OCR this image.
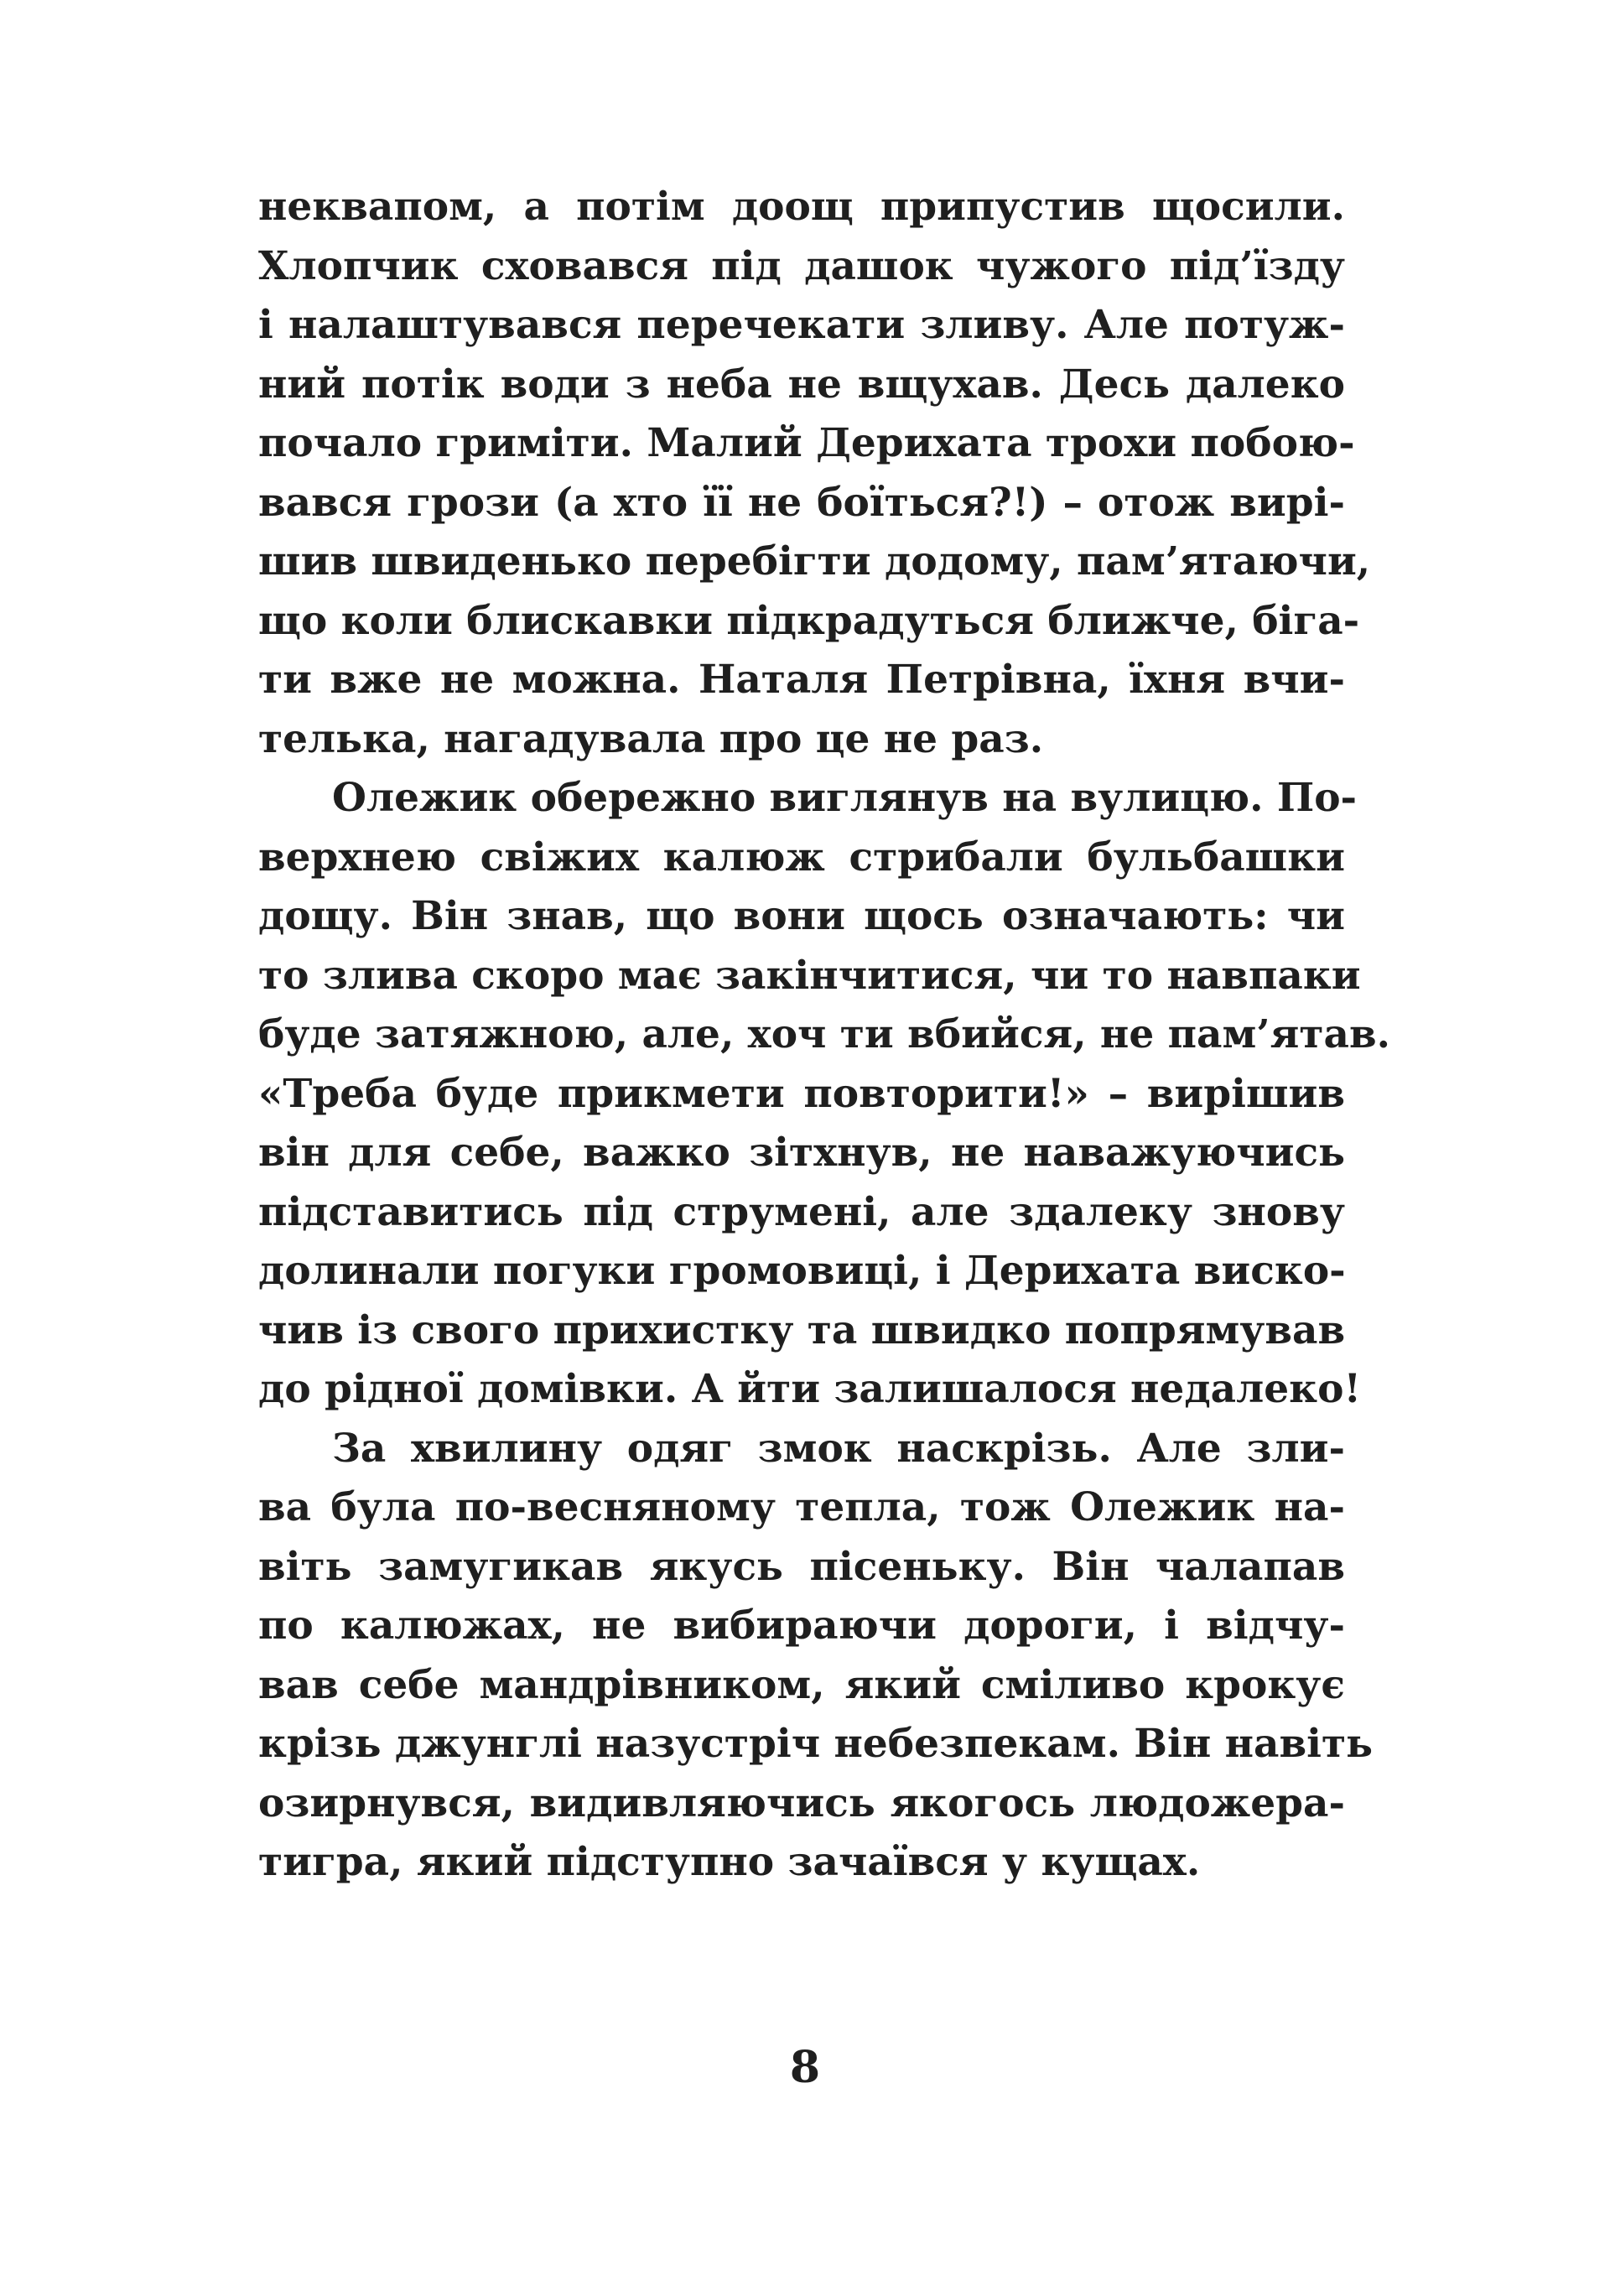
неквапом, а потім доощ припустив щосили.
Хлопчик сховався під дашок чужого під’їзду
і налаштувався перечекати зливу. Але потуж-
ний потік води з неба не вщухав. Десь далеко
почало гриміти. Малий Дерихата трохи побою-
вався грози (а хто її не боїться?!) – отож вирі-
шив швиденько перебігти додому, пам’ятаючи,
що коли блискавки підкрадуться ближче, біга-
ти вже не можна. Наталя Петрівна, їхня вчи-
телька, нагадувала про це не раз.
Олежик обережно виглянув на вулицю. По-
верхнею свіжих калюж стрибали бульбашки
дощу. Він знав, що вони щось означають: чи
то злива скоро має закінчитися, чи то навпаки
буде затяжною, але, хоч ти вбийся, не пам’ятав.
«Треба буде прикмети повторити!» – вирішив
він для себе, важко зітхнув, не наважуючись
підставитись під струмені, але здалеку знову
долинали погуки громовиці, і Дерихата виско-
чив із свого прихистку та швидко попрямував
до рідної домівки. А йти залишалося недалеко!
За хвилину одяг змок наскрізь. Але зли-
ва була по-весняному тепла, тож Олежик на-
віть замугикав якусь пісеньку. Він чалапав
по калюжах, не вибираючи дороги, і відчу-
вав себе мандрівником, який сміливо крокує
крізь джунглі назустріч небезпекам. Він навіть
озирнувся, видивляючись якогось людожера-
тигра, який підступно зачаївся у кущах.
8
